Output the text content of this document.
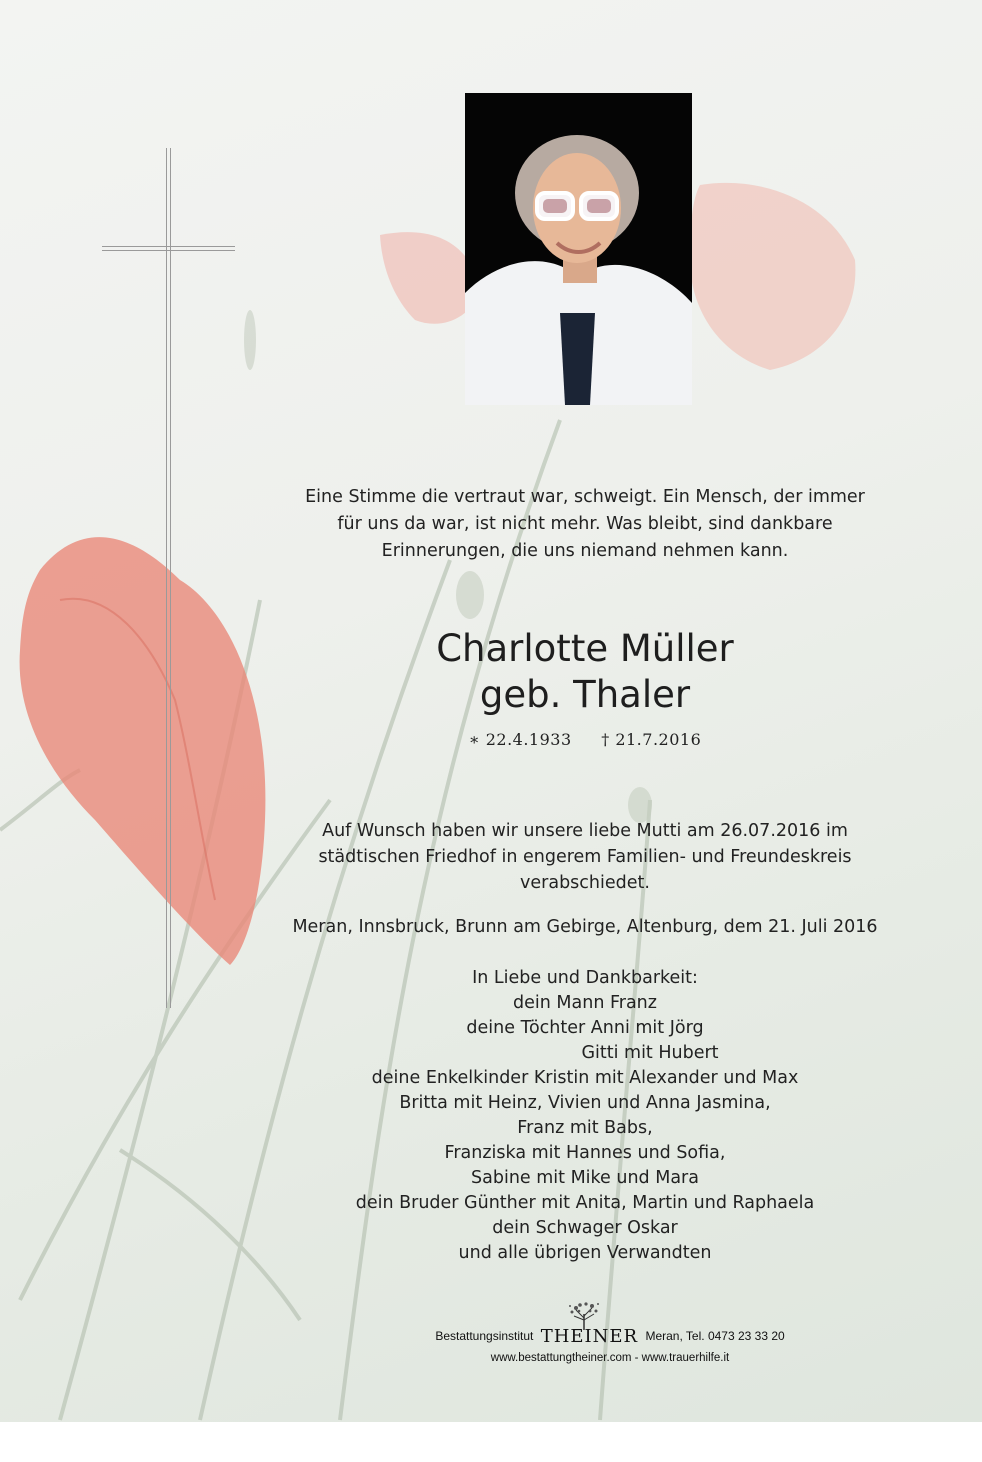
Eine Stimme die vertraut war, schweigt. Ein Mensch, der immer
für uns da war, ist nicht mehr. Was bleibt, sind dankbare
Erinnerungen, die uns niemand nehmen kann.
Charlotte Müller
geb. Thaler
∗ 22.4.1933 † 21.7.2016
Auf Wunsch haben wir unsere liebe Mutti am 26.07.2016 im
städtischen Friedhof in engerem Familien- und Freundeskreis
verabschiedet.
Meran, Innsbruck, Brunn am Gebirge, Altenburg, dem 21. Juli 2016
In Liebe und Dankbarkeit:
dein Mann Franz
deine Töchter Anni mit Jörg
Gitti mit Hubert
deine Enkelkinder Kristin mit Alexander und Max
Britta mit Heinz, Vivien und Anna Jasmina,
Franz mit Babs,
Franziska mit Hannes und Sofia,
Sabine mit Mike und Mara
dein Bruder Günther mit Anita, Martin und Raphaela
dein Schwager Oskar
und alle übrigen Verwandten
Bestattungsinstitut THEINER Meran, Tel. 0473 23 33 20
www.bestattungtheiner.com - www.trauerhilfe.it
